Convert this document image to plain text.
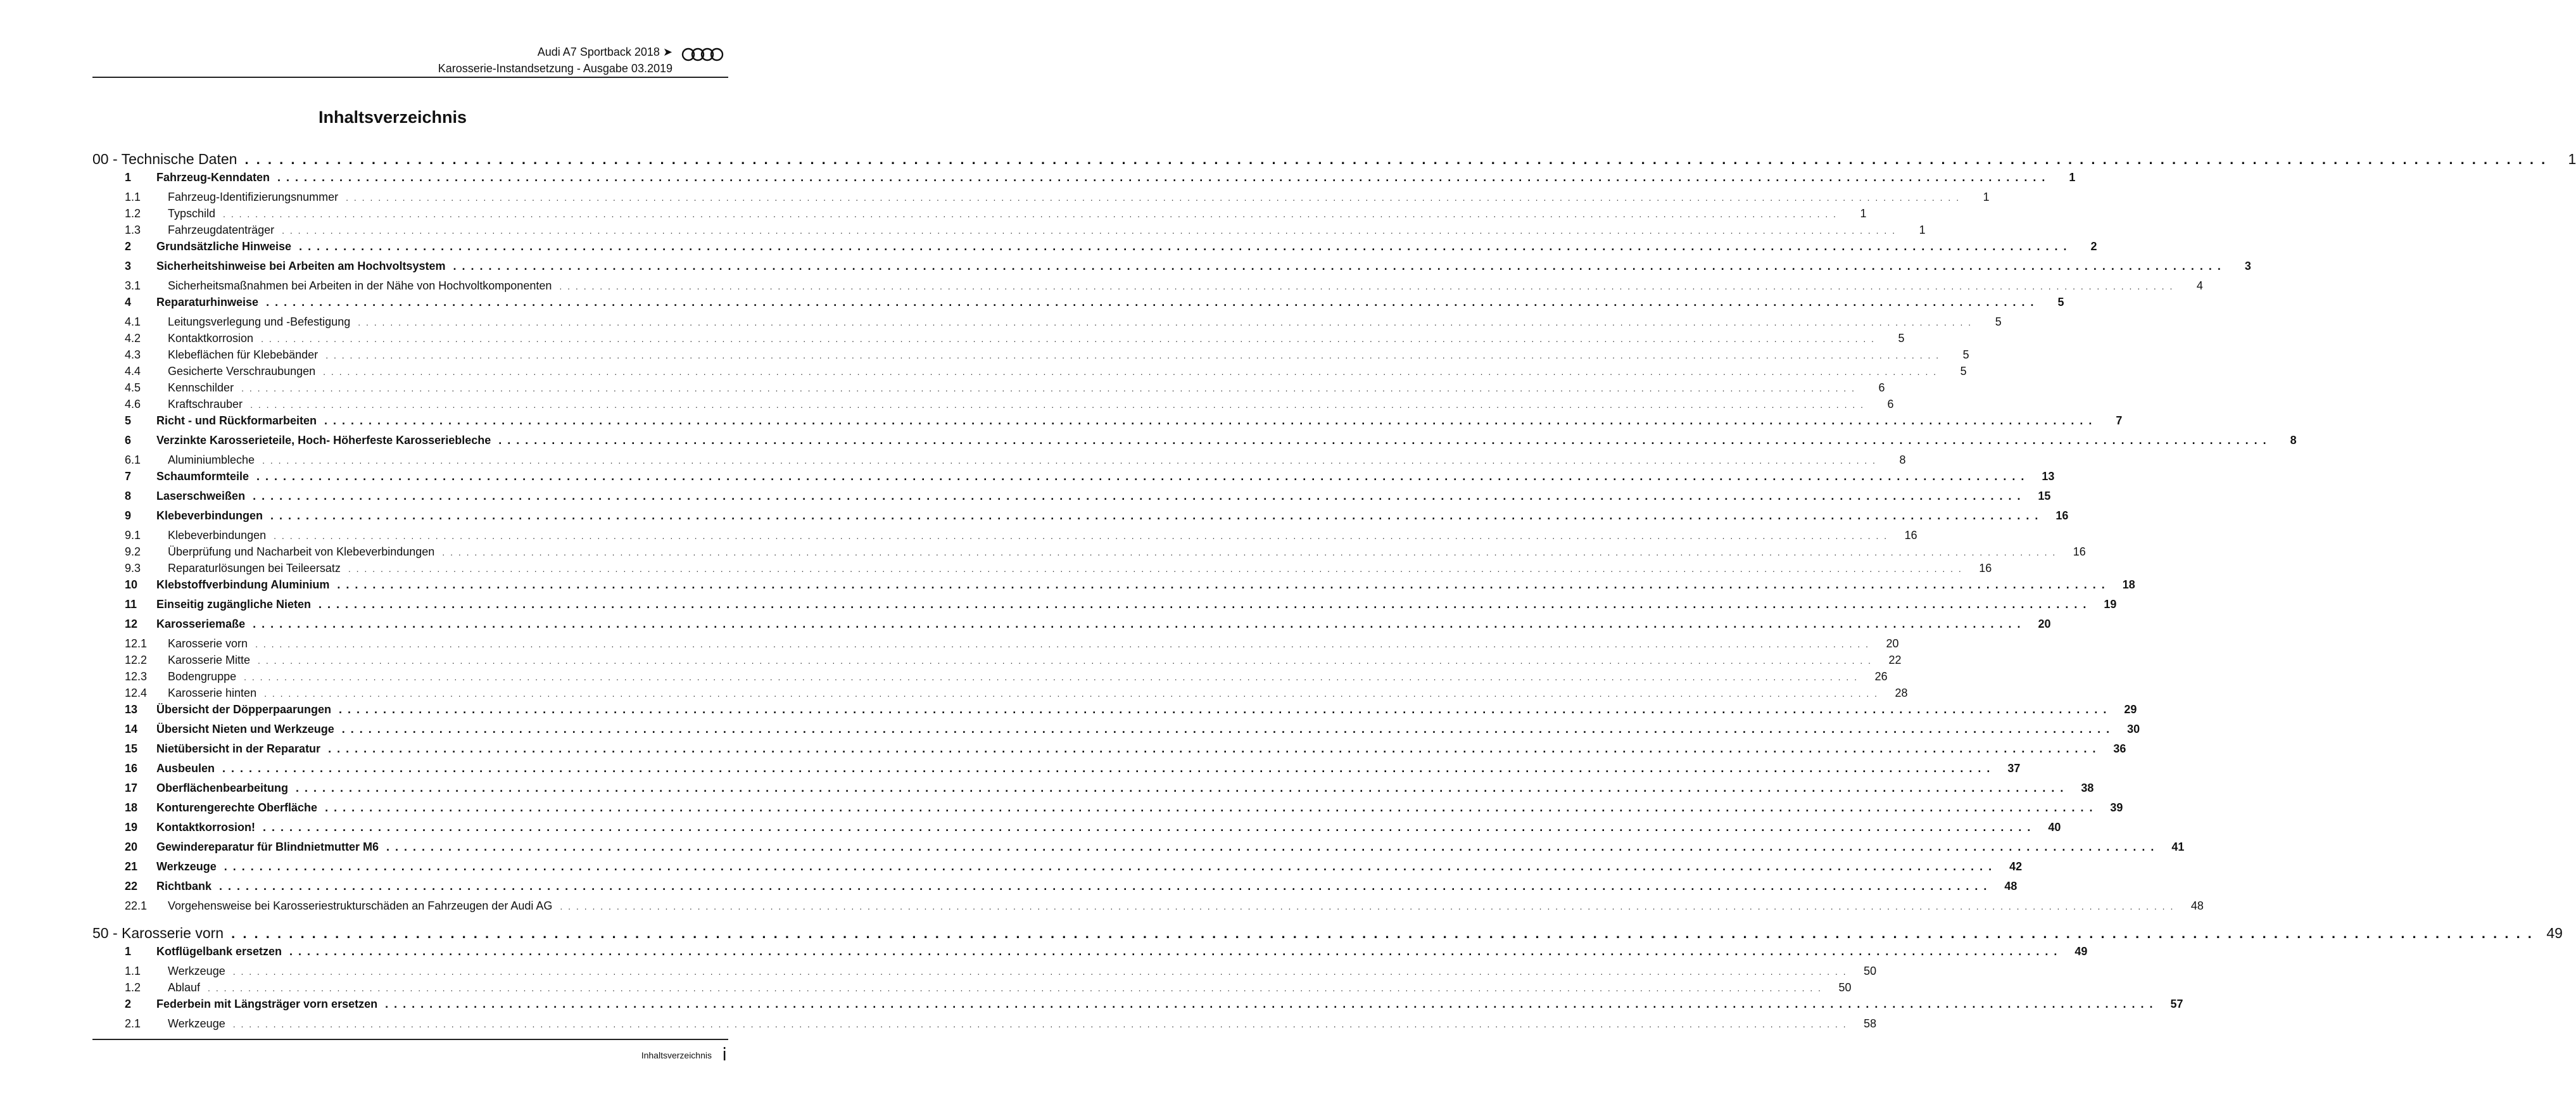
Audi A7 Sportback 2018 ➤
Karosserie-Instandsetzung - Ausgabe 03.2019
Inhaltsverzeichnis
00 - Technische Daten . . . . . . . . . . . . . . . . . . . . . . . . . . . . . . . . . . . . . . . . . . . . . . . . . . . . . . . . . . . . . . . . . . . . . . . . . . . . . . . . . . . . . . . . . . . . . . . . . . . . . . . . . . . . . . . . . . . . . . . . . . . . . . . . . . . . . . . . . . . . . . . . . . . . . . . . . . . . . . . . . . . . . . . . . . . . . . . . . . . . . . . . . . . . . . . . . . . . . . . .	1
1	Fahrzeug-Kenndaten . . . . . . . . . . . . . . . . . . . . . . . . . . . . . . . . . . . . . . . . . . . . . . . . . . . . . . . . . . . . . . . . . . . . . . . . . . . . . . . . . . . . . . . . . . . . . . . . . . . . . . . . . . . . . . . . . . . . . . . . . . . . . . . . . . . . . . . . . . . . . . . . . . . . . . . . . . . . . . . . . . . . . . . . . . . . . . . . . . . . . . . . . . . . . . . . . . . . . . . .	1
1.1	Fahrzeug-Identifizierungsnummer . . . . . . . . . . . . . . . . . . . . . . . . . . . . . . . . . . . . . . . . . . . . . . . . . . . . . . . . . . . . . . . . . . . . . . . . . . . . . . . . . . . . . . . . . . . . . . . . . . . . . . . . . . . . . . . . . . . . . . . . . . . . . . . . . . . . . . . . . . . . . . . . . . . . . . . . . . . . . . . . . . . . . . . . . . . . . . . . . . . . . . . . . . . . . . . . . . . . . . . .	1
1.2	Typschild . . . . . . . . . . . . . . . . . . . . . . . . . . . . . . . . . . . . . . . . . . . . . . . . . . . . . . . . . . . . . . . . . . . . . . . . . . . . . . . . . . . . . . . . . . . . . . . . . . . . . . . . . . . . . . . . . . . . . . . . . . . . . . . . . . . . . . . . . . . . . . . . . . . . . . . . . . . . . . . . . . . . . . . . . . . . . . . . . . . . . . . . . . . . . . . . . . . . . . . .	1
1.3	Fahrzeugdatenträger . . . . . . . . . . . . . . . . . . . . . . . . . . . . . . . . . . . . . . . . . . . . . . . . . . . . . . . . . . . . . . . . . . . . . . . . . . . . . . . . . . . . . . . . . . . . . . . . . . . . . . . . . . . . . . . . . . . . . . . . . . . . . . . . . . . . . . . . . . . . . . . . . . . . . . . . . . . . . . . . . . . . . . . . . . . . . . . . . . . . . . . . . . . . . . . . . . . . . . . .	1
2	Grundsätzliche Hinweise . . . . . . . . . . . . . . . . . . . . . . . . . . . . . . . . . . . . . . . . . . . . . . . . . . . . . . . . . . . . . . . . . . . . . . . . . . . . . . . . . . . . . . . . . . . . . . . . . . . . . . . . . . . . . . . . . . . . . . . . . . . . . . . . . . . . . . . . . . . . . . . . . . . . . . . . . . . . . . . . . . . . . . . . . . . . . . . . . . . . . . . . . . . . . . . . . . . . . . . .	2
3	Sicherheitshinweise bei Arbeiten am Hochvoltsystem . . . . . . . . . . . . . . . . . . . . . . . . . . . . . . . . . . . . . . . . . . . . . . . . . . . . . . . . . . . . . . . . . . . . . . . . . . . . . . . . . . . . . . . . . . . . . . . . . . . . . . . . . . . . . . . . . . . . . . . . . . . . . . . . . . . . . . . . . . . . . . . . . . . . . . . . . . . . . . . . . . . . . . . . . . . . . . . . . . . . . . . . . . . . . . . . . . . . . . . .	3
3.1	Sicherheitsmaßnahmen bei Arbeiten in der Nähe von Hochvoltkomponenten . . . . . . . . . . . . . . . . . . . . . . . . . . . . . . . . . . . . . . . . . . . . . . . . . . . . . . . . . . . . . . . . . . . . . . . . . . . . . . . . . . . . . . . . . . . . . . . . . . . . . . . . . . . . . . . . . . . . . . . . . . . . . . . . . . . . . . . . . . . . . . . . . . . . . . . . . . . . . . . . . . . . . . . . . . . . . . . . . . . . . . . . . . . . . . . . . . . . . . . .	4
4	Reparaturhinweise . . . . . . . . . . . . . . . . . . . . . . . . . . . . . . . . . . . . . . . . . . . . . . . . . . . . . . . . . . . . . . . . . . . . . . . . . . . . . . . . . . . . . . . . . . . . . . . . . . . . . . . . . . . . . . . . . . . . . . . . . . . . . . . . . . . . . . . . . . . . . . . . . . . . . . . . . . . . . . . . . . . . . . . . . . . . . . . . . . . . . . . . . . . . . . . . . . . . . . . .	5
4.1	Leitungsverlegung und -Befestigung . . . . . . . . . . . . . . . . . . . . . . . . . . . . . . . . . . . . . . . . . . . . . . . . . . . . . . . . . . . . . . . . . . . . . . . . . . . . . . . . . . . . . . . . . . . . . . . . . . . . . . . . . . . . . . . . . . . . . . . . . . . . . . . . . . . . . . . . . . . . . . . . . . . . . . . . . . . . . . . . . . . . . . . . . . . . . . . . . . . . . . . . . . . . . . . . . . . . . . . .	5
4.2	Kontaktkorrosion . . . . . . . . . . . . . . . . . . . . . . . . . . . . . . . . . . . . . . . . . . . . . . . . . . . . . . . . . . . . . . . . . . . . . . . . . . . . . . . . . . . . . . . . . . . . . . . . . . . . . . . . . . . . . . . . . . . . . . . . . . . . . . . . . . . . . . . . . . . . . . . . . . . . . . . . . . . . . . . . . . . . . . . . . . . . . . . . . . . . . . . . . . . . . . . . . . . . . . . .	5
4.3	Klebeflächen für Klebebänder . . . . . . . . . . . . . . . . . . . . . . . . . . . . . . . . . . . . . . . . . . . . . . . . . . . . . . . . . . . . . . . . . . . . . . . . . . . . . . . . . . . . . . . . . . . . . . . . . . . . . . . . . . . . . . . . . . . . . . . . . . . . . . . . . . . . . . . . . . . . . . . . . . . . . . . . . . . . . . . . . . . . . . . . . . . . . . . . . . . . . . . . . . . . . . . . . . . . . . . .	5
4.4	Gesicherte Verschraubungen . . . . . . . . . . . . . . . . . . . . . . . . . . . . . . . . . . . . . . . . . . . . . . . . . . . . . . . . . . . . . . . . . . . . . . . . . . . . . . . . . . . . . . . . . . . . . . . . . . . . . . . . . . . . . . . . . . . . . . . . . . . . . . . . . . . . . . . . . . . . . . . . . . . . . . . . . . . . . . . . . . . . . . . . . . . . . . . . . . . . . . . . . . . . . . . . . . . . . . . .	5
4.5	Kennschilder . . . . . . . . . . . . . . . . . . . . . . . . . . . . . . . . . . . . . . . . . . . . . . . . . . . . . . . . . . . . . . . . . . . . . . . . . . . . . . . . . . . . . . . . . . . . . . . . . . . . . . . . . . . . . . . . . . . . . . . . . . . . . . . . . . . . . . . . . . . . . . . . . . . . . . . . . . . . . . . . . . . . . . . . . . . . . . . . . . . . . . . . . . . . . . . . . . . . . . . .	6
4.6	Kraftschrauber . . . . . . . . . . . . . . . . . . . . . . . . . . . . . . . . . . . . . . . . . . . . . . . . . . . . . . . . . . . . . . . . . . . . . . . . . . . . . . . . . . . . . . . . . . . . . . . . . . . . . . . . . . . . . . . . . . . . . . . . . . . . . . . . . . . . . . . . . . . . . . . . . . . . . . . . . . . . . . . . . . . . . . . . . . . . . . . . . . . . . . . . . . . . . . . . . . . . . . . .	6
5	Richt - und Rückformarbeiten . . . . . . . . . . . . . . . . . . . . . . . . . . . . . . . . . . . . . . . . . . . . . . . . . . . . . . . . . . . . . . . . . . . . . . . . . . . . . . . . . . . . . . . . . . . . . . . . . . . . . . . . . . . . . . . . . . . . . . . . . . . . . . . . . . . . . . . . . . . . . . . . . . . . . . . . . . . . . . . . . . . . . . . . . . . . . . . . . . . . . . . . . . . . . . . . . . . . . . . .	7
6	Verzinkte Karosserieteile, Hoch- Höherfeste Karosseriebleche . . . . . . . . . . . . . . . . . . . . . . . . . . . . . . . . . . . . . . . . . . . . . . . . . . . . . . . . . . . . . . . . . . . . . . . . . . . . . . . . . . . . . . . . . . . . . . . . . . . . . . . . . . . . . . . . . . . . . . . . . . . . . . . . . . . . . . . . . . . . . . . . . . . . . . . . . . . . . . . . . . . . . . . . . . . . . . . . . . . . . . . . . . . . . . . . . . . . . . . .	8
6.1	Aluminiumbleche . . . . . . . . . . . . . . . . . . . . . . . . . . . . . . . . . . . . . . . . . . . . . . . . . . . . . . . . . . . . . . . . . . . . . . . . . . . . . . . . . . . . . . . . . . . . . . . . . . . . . . . . . . . . . . . . . . . . . . . . . . . . . . . . . . . . . . . . . . . . . . . . . . . . . . . . . . . . . . . . . . . . . . . . . . . . . . . . . . . . . . . . . . . . . . . . . . . . . . . .	8
7	Schaumformteile . . . . . . . . . . . . . . . . . . . . . . . . . . . . . . . . . . . . . . . . . . . . . . . . . . . . . . . . . . . . . . . . . . . . . . . . . . . . . . . . . . . . . . . . . . . . . . . . . . . . . . . . . . . . . . . . . . . . . . . . . . . . . . . . . . . . . . . . . . . . . . . . . . . . . . . . . . . . . . . . . . . . . . . . . . . . . . . . . . . . . . . . . . . . . . . . . . . . . . . .	13
8	Laserschweißen . . . . . . . . . . . . . . . . . . . . . . . . . . . . . . . . . . . . . . . . . . . . . . . . . . . . . . . . . . . . . . . . . . . . . . . . . . . . . . . . . . . . . . . . . . . . . . . . . . . . . . . . . . . . . . . . . . . . . . . . . . . . . . . . . . . . . . . . . . . . . . . . . . . . . . . . . . . . . . . . . . . . . . . . . . . . . . . . . . . . . . . . . . . . . . . . . . . . . . . .	15
9	Klebeverbindungen . . . . . . . . . . . . . . . . . . . . . . . . . . . . . . . . . . . . . . . . . . . . . . . . . . . . . . . . . . . . . . . . . . . . . . . . . . . . . . . . . . . . . . . . . . . . . . . . . . . . . . . . . . . . . . . . . . . . . . . . . . . . . . . . . . . . . . . . . . . . . . . . . . . . . . . . . . . . . . . . . . . . . . . . . . . . . . . . . . . . . . . . . . . . . . . . . . . . . . . .	16
9.1	Klebeverbindungen . . . . . . . . . . . . . . . . . . . . . . . . . . . . . . . . . . . . . . . . . . . . . . . . . . . . . . . . . . . . . . . . . . . . . . . . . . . . . . . . . . . . . . . . . . . . . . . . . . . . . . . . . . . . . . . . . . . . . . . . . . . . . . . . . . . . . . . . . . . . . . . . . . . . . . . . . . . . . . . . . . . . . . . . . . . . . . . . . . . . . . . . . . . . . . . . . . . . . . . .	16
9.2	Überprüfung und Nacharbeit von Klebeverbindungen . . . . . . . . . . . . . . . . . . . . . . . . . . . . . . . . . . . . . . . . . . . . . . . . . . . . . . . . . . . . . . . . . . . . . . . . . . . . . . . . . . . . . . . . . . . . . . . . . . . . . . . . . . . . . . . . . . . . . . . . . . . . . . . . . . . . . . . . . . . . . . . . . . . . . . . . . . . . . . . . . . . . . . . . . . . . . . . . . . . . . . . . . . . . . . . . . . . . . . . .	16
9.3	Reparaturlösungen bei Teileersatz . . . . . . . . . . . . . . . . . . . . . . . . . . . . . . . . . . . . . . . . . . . . . . . . . . . . . . . . . . . . . . . . . . . . . . . . . . . . . . . . . . . . . . . . . . . . . . . . . . . . . . . . . . . . . . . . . . . . . . . . . . . . . . . . . . . . . . . . . . . . . . . . . . . . . . . . . . . . . . . . . . . . . . . . . . . . . . . . . . . . . . . . . . . . . . . . . . . . . . . .	16
10	Klebstoffverbindung Aluminium . . . . . . . . . . . . . . . . . . . . . . . . . . . . . . . . . . . . . . . . . . . . . . . . . . . . . . . . . . . . . . . . . . . . . . . . . . . . . . . . . . . . . . . . . . . . . . . . . . . . . . . . . . . . . . . . . . . . . . . . . . . . . . . . . . . . . . . . . . . . . . . . . . . . . . . . . . . . . . . . . . . . . . . . . . . . . . . . . . . . . . . . . . . . . . . . . . . . . . . .	18
11	Einseitig zugängliche Nieten . . . . . . . . . . . . . . . . . . . . . . . . . . . . . . . . . . . . . . . . . . . . . . . . . . . . . . . . . . . . . . . . . . . . . . . . . . . . . . . . . . . . . . . . . . . . . . . . . . . . . . . . . . . . . . . . . . . . . . . . . . . . . . . . . . . . . . . . . . . . . . . . . . . . . . . . . . . . . . . . . . . . . . . . . . . . . . . . . . . . . . . . . . . . . . . . . . . . . . . .	19
12	Karosseriemaße . . . . . . . . . . . . . . . . . . . . . . . . . . . . . . . . . . . . . . . . . . . . . . . . . . . . . . . . . . . . . . . . . . . . . . . . . . . . . . . . . . . . . . . . . . . . . . . . . . . . . . . . . . . . . . . . . . . . . . . . . . . . . . . . . . . . . . . . . . . . . . . . . . . . . . . . . . . . . . . . . . . . . . . . . . . . . . . . . . . . . . . . . . . . . . . . . . . . . . . .	20
12.1	Karosserie vorn . . . . . . . . . . . . . . . . . . . . . . . . . . . . . . . . . . . . . . . . . . . . . . . . . . . . . . . . . . . . . . . . . . . . . . . . . . . . . . . . . . . . . . . . . . . . . . . . . . . . . . . . . . . . . . . . . . . . . . . . . . . . . . . . . . . . . . . . . . . . . . . . . . . . . . . . . . . . . . . . . . . . . . . . . . . . . . . . . . . . . . . . . . . . . . . . . . . . . . . .	20
12.2	Karosserie Mitte . . . . . . . . . . . . . . . . . . . . . . . . . . . . . . . . . . . . . . . . . . . . . . . . . . . . . . . . . . . . . . . . . . . . . . . . . . . . . . . . . . . . . . . . . . . . . . . . . . . . . . . . . . . . . . . . . . . . . . . . . . . . . . . . . . . . . . . . . . . . . . . . . . . . . . . . . . . . . . . . . . . . . . . . . . . . . . . . . . . . . . . . . . . . . . . . . . . . . . . .	22
12.3	Bodengruppe . . . . . . . . . . . . . . . . . . . . . . . . . . . . . . . . . . . . . . . . . . . . . . . . . . . . . . . . . . . . . . . . . . . . . . . . . . . . . . . . . . . . . . . . . . . . . . . . . . . . . . . . . . . . . . . . . . . . . . . . . . . . . . . . . . . . . . . . . . . . . . . . . . . . . . . . . . . . . . . . . . . . . . . . . . . . . . . . . . . . . . . . . . . . . . . . . . . . . . . .	26
12.4	Karosserie hinten . . . . . . . . . . . . . . . . . . . . . . . . . . . . . . . . . . . . . . . . . . . . . . . . . . . . . . . . . . . . . . . . . . . . . . . . . . . . . . . . . . . . . . . . . . . . . . . . . . . . . . . . . . . . . . . . . . . . . . . . . . . . . . . . . . . . . . . . . . . . . . . . . . . . . . . . . . . . . . . . . . . . . . . . . . . . . . . . . . . . . . . . . . . . . . . . . . . . . . . .	28
13	Übersicht der Döpperpaarungen . . . . . . . . . . . . . . . . . . . . . . . . . . . . . . . . . . . . . . . . . . . . . . . . . . . . . . . . . . . . . . . . . . . . . . . . . . . . . . . . . . . . . . . . . . . . . . . . . . . . . . . . . . . . . . . . . . . . . . . . . . . . . . . . . . . . . . . . . . . . . . . . . . . . . . . . . . . . . . . . . . . . . . . . . . . . . . . . . . . . . . . . . . . . . . . . . . . . . . . .	29
14	Übersicht Nieten und Werkzeuge . . . . . . . . . . . . . . . . . . . . . . . . . . . . . . . . . . . . . . . . . . . . . . . . . . . . . . . . . . . . . . . . . . . . . . . . . . . . . . . . . . . . . . . . . . . . . . . . . . . . . . . . . . . . . . . . . . . . . . . . . . . . . . . . . . . . . . . . . . . . . . . . . . . . . . . . . . . . . . . . . . . . . . . . . . . . . . . . . . . . . . . . . . . . . . . . . . . . . . . .	30
15	Nietübersicht in der Reparatur . . . . . . . . . . . . . . . . . . . . . . . . . . . . . . . . . . . . . . . . . . . . . . . . . . . . . . . . . . . . . . . . . . . . . . . . . . . . . . . . . . . . . . . . . . . . . . . . . . . . . . . . . . . . . . . . . . . . . . . . . . . . . . . . . . . . . . . . . . . . . . . . . . . . . . . . . . . . . . . . . . . . . . . . . . . . . . . . . . . . . . . . . . . . . . . . . . . . . . . .	36
16	Ausbeulen . . . . . . . . . . . . . . . . . . . . . . . . . . . . . . . . . . . . . . . . . . . . . . . . . . . . . . . . . . . . . . . . . . . . . . . . . . . . . . . . . . . . . . . . . . . . . . . . . . . . . . . . . . . . . . . . . . . . . . . . . . . . . . . . . . . . . . . . . . . . . . . . . . . . . . . . . . . . . . . . . . . . . . . . . . . . . . . . . . . . . . . . . . . . . . . . . . . . . . . .	37
17	Oberflächenbearbeitung . . . . . . . . . . . . . . . . . . . . . . . . . . . . . . . . . . . . . . . . . . . . . . . . . . . . . . . . . . . . . . . . . . . . . . . . . . . . . . . . . . . . . . . . . . . . . . . . . . . . . . . . . . . . . . . . . . . . . . . . . . . . . . . . . . . . . . . . . . . . . . . . . . . . . . . . . . . . . . . . . . . . . . . . . . . . . . . . . . . . . . . . . . . . . . . . . . . . . . . .	38
18	Konturengerechte Oberfläche . . . . . . . . . . . . . . . . . . . . . . . . . . . . . . . . . . . . . . . . . . . . . . . . . . . . . . . . . . . . . . . . . . . . . . . . . . . . . . . . . . . . . . . . . . . . . . . . . . . . . . . . . . . . . . . . . . . . . . . . . . . . . . . . . . . . . . . . . . . . . . . . . . . . . . . . . . . . . . . . . . . . . . . . . . . . . . . . . . . . . . . . . . . . . . . . . . . . . . . .	39
19	Kontaktkorrosion! . . . . . . . . . . . . . . . . . . . . . . . . . . . . . . . . . . . . . . . . . . . . . . . . . . . . . . . . . . . . . . . . . . . . . . . . . . . . . . . . . . . . . . . . . . . . . . . . . . . . . . . . . . . . . . . . . . . . . . . . . . . . . . . . . . . . . . . . . . . . . . . . . . . . . . . . . . . . . . . . . . . . . . . . . . . . . . . . . . . . . . . . . . . . . . . . . . . . . . . .	40
20	Gewindereparatur für Blindnietmutter M6 . . . . . . . . . . . . . . . . . . . . . . . . . . . . . . . . . . . . . . . . . . . . . . . . . . . . . . . . . . . . . . . . . . . . . . . . . . . . . . . . . . . . . . . . . . . . . . . . . . . . . . . . . . . . . . . . . . . . . . . . . . . . . . . . . . . . . . . . . . . . . . . . . . . . . . . . . . . . . . . . . . . . . . . . . . . . . . . . . . . . . . . . . . . . . . . . . . . . . . . .	41
21	Werkzeuge . . . . . . . . . . . . . . . . . . . . . . . . . . . . . . . . . . . . . . . . . . . . . . . . . . . . . . . . . . . . . . . . . . . . . . . . . . . . . . . . . . . . . . . . . . . . . . . . . . . . . . . . . . . . . . . . . . . . . . . . . . . . . . . . . . . . . . . . . . . . . . . . . . . . . . . . . . . . . . . . . . . . . . . . . . . . . . . . . . . . . . . . . . . . . . . . . . . . . . . .	42
22	Richtbank . . . . . . . . . . . . . . . . . . . . . . . . . . . . . . . . . . . . . . . . . . . . . . . . . . . . . . . . . . . . . . . . . . . . . . . . . . . . . . . . . . . . . . . . . . . . . . . . . . . . . . . . . . . . . . . . . . . . . . . . . . . . . . . . . . . . . . . . . . . . . . . . . . . . . . . . . . . . . . . . . . . . . . . . . . . . . . . . . . . . . . . . . . . . . . . . . . . . . . . .	48
22.1	Vorgehensweise bei Karosseriestrukturschäden an Fahrzeugen der Audi AG . . . . . . . . . . . . . . . . . . . . . . . . . . . . . . . . . . . . . . . . . . . . . . . . . . . . . . . . . . . . . . . . . . . . . . . . . . . . . . . . . . . . . . . . . . . . . . . . . . . . . . . . . . . . . . . . . . . . . . . . . . . . . . . . . . . . . . . . . . . . . . . . . . . . . . . . . . . . . . . . . . . . . . . . . . . . . . . . . . . . . . . . . . . . . . . . . . . . . . . .	48
50 - Karosserie vorn . . . . . . . . . . . . . . . . . . . . . . . . . . . . . . . . . . . . . . . . . . . . . . . . . . . . . . . . . . . . . . . . . . . . . . . . . . . . . . . . . . . . . . . . . . . . . . . . . . . . . . . . . . . . . . . . . . . . . . . . . . . . . . . . . . . . . . . . . . . . . . . . . . . . . . . . . . . . . . . . . . . . . . . . . . . . . . . . . . . . . . . . . . . . . . . . . . . . . . . . 49
1	Kotflügelbank ersetzen . . . . . . . . . . . . . . . . . . . . . . . . . . . . . . . . . . . . . . . . . . . . . . . . . . . . . . . . . . . . . . . . . . . . . . . . . . . . . . . . . . . . . . . . . . . . . . . . . . . . . . . . . . . . . . . . . . . . . . . . . . . . . . . . . . . . . . . . . . . . . . . . . . . . . . . . . . . . . . . . . . . . . . . . . . . . . . . . . . . . . . . . . . . . . . . . . . . . . . . .	49
1.1	Werkzeuge . . . . . . . . . . . . . . . . . . . . . . . . . . . . . . . . . . . . . . . . . . . . . . . . . . . . . . . . . . . . . . . . . . . . . . . . . . . . . . . . . . . . . . . . . . . . . . . . . . . . . . . . . . . . . . . . . . . . . . . . . . . . . . . . . . . . . . . . . . . . . . . . . . . . . . . . . . . . . . . . . . . . . . . . . . . . . . . . . . . . . . . . . . . . . . . . . . . . . . . .	50
1.2	Ablauf . . . . . . . . . . . . . . . . . . . . . . . . . . . . . . . . . . . . . . . . . . . . . . . . . . . . . . . . . . . . . . . . . . . . . . . . . . . . . . . . . . . . . . . . . . . . . . . . . . . . . . . . . . . . . . . . . . . . . . . . . . . . . . . . . . . . . . . . . . . . . . . . . . . . . . . . . . . . . . . . . . . . . . . . . . . . . . . . . . . . . . . . . . . . . . . . . . . . . . . .	50
2	Federbein mit Längsträger vorn ersetzen . . . . . . . . . . . . . . . . . . . . . . . . . . . . . . . . . . . . . . . . . . . . . . . . . . . . . . . . . . . . . . . . . . . . . . . . . . . . . . . . . . . . . . . . . . . . . . . . . . . . . . . . . . . . . . . . . . . . . . . . . . . . . . . . . . . . . . . . . . . . . . . . . . . . . . . . . . . . . . . . . . . . . . . . . . . . . . . . . . . . . . . . . . . . . . . . . . . . . . . .	57
2.1	Werkzeuge . . . . . . . . . . . . . . . . . . . . . . . . . . . . . . . . . . . . . . . . . . . . . . . . . . . . . . . . . . . . . . . . . . . . . . . . . . . . . . . . . . . . . . . . . . . . . . . . . . . . . . . . . . . . . . . . . . . . . . . . . . . . . . . . . . . . . . . . . . . . . . . . . . . . . . . . . . . . . . . . . . . . . . . . . . . . . . . . . . . . . . . . . . . . . . . . . . . . . . . .	58
Inhaltsverzeichnis i
